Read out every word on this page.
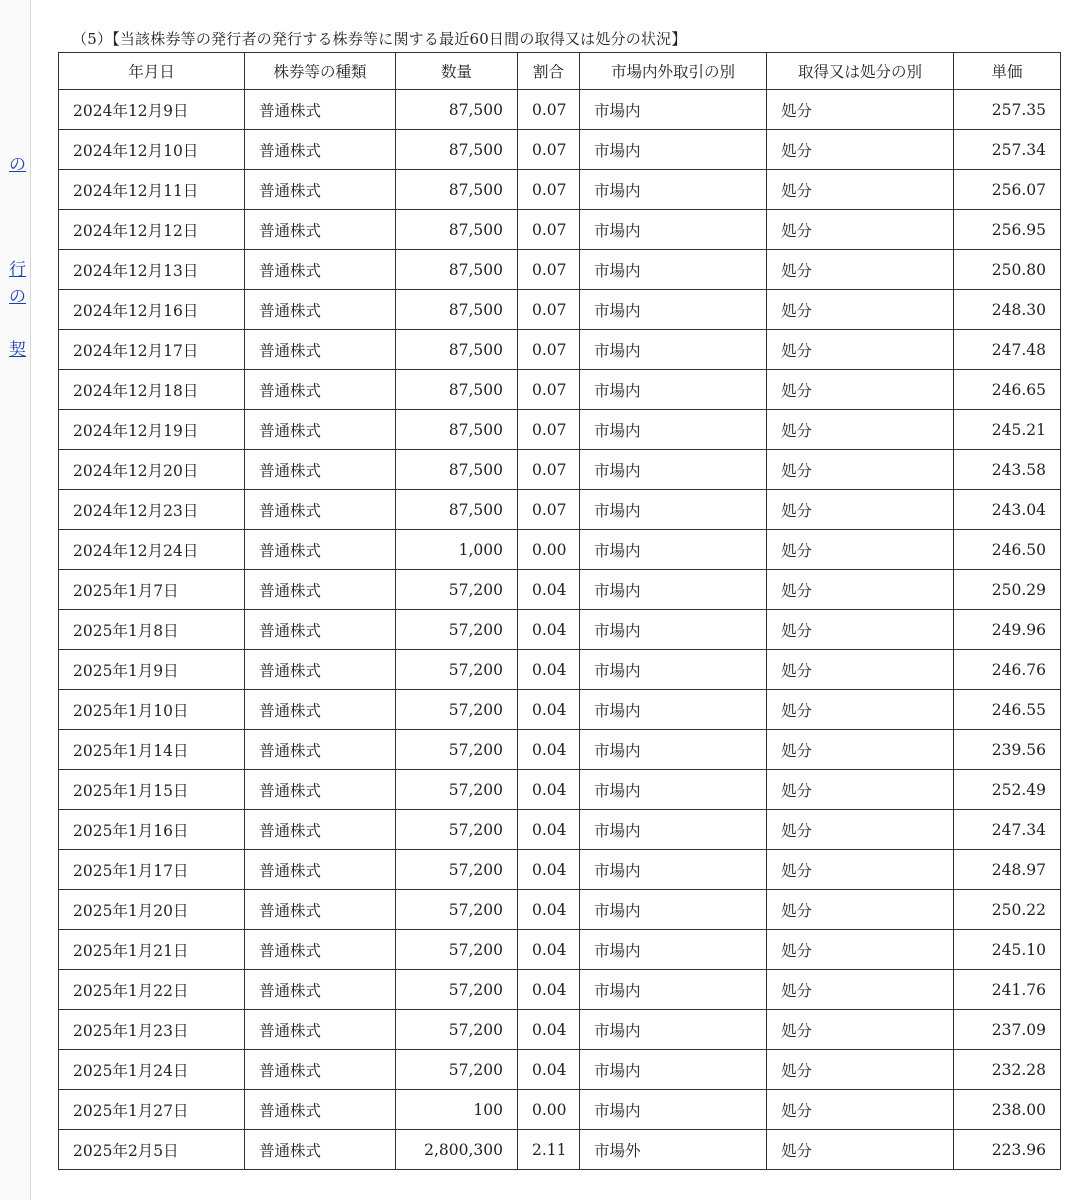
の
行
の
契
（5）【当該株券等の発行者の発行する株券等に関する最近60日間の取得又は処分の状況】
年月日	株券等の種類	数量	割合	市場内外取引の別	取得又は処分の別	単価
2024年12月9日	普通株式	87,500	0.07	市場内	処分	257.35
2024年12月10日	普通株式	87,500	0.07	市場内	処分	257.34
2024年12月11日	普通株式	87,500	0.07	市場内	処分	256.07
2024年12月12日	普通株式	87,500	0.07	市場内	処分	256.95
2024年12月13日	普通株式	87,500	0.07	市場内	処分	250.80
2024年12月16日	普通株式	87,500	0.07	市場内	処分	248.30
2024年12月17日	普通株式	87,500	0.07	市場内	処分	247.48
2024年12月18日	普通株式	87,500	0.07	市場内	処分	246.65
2024年12月19日	普通株式	87,500	0.07	市場内	処分	245.21
2024年12月20日	普通株式	87,500	0.07	市場内	処分	243.58
2024年12月23日	普通株式	87,500	0.07	市場内	処分	243.04
2024年12月24日	普通株式	1,000	0.00	市場内	処分	246.50
2025年1月7日	普通株式	57,200	0.04	市場内	処分	250.29
2025年1月8日	普通株式	57,200	0.04	市場内	処分	249.96
2025年1月9日	普通株式	57,200	0.04	市場内	処分	246.76
2025年1月10日	普通株式	57,200	0.04	市場内	処分	246.55
2025年1月14日	普通株式	57,200	0.04	市場内	処分	239.56
2025年1月15日	普通株式	57,200	0.04	市場内	処分	252.49
2025年1月16日	普通株式	57,200	0.04	市場内	処分	247.34
2025年1月17日	普通株式	57,200	0.04	市場内	処分	248.97
2025年1月20日	普通株式	57,200	0.04	市場内	処分	250.22
2025年1月21日	普通株式	57,200	0.04	市場内	処分	245.10
2025年1月22日	普通株式	57,200	0.04	市場内	処分	241.76
2025年1月23日	普通株式	57,200	0.04	市場内	処分	237.09
2025年1月24日	普通株式	57,200	0.04	市場内	処分	232.28
2025年1月27日	普通株式	100	0.00	市場内	処分	238.00
2025年2月5日	普通株式	2,800,300	2.11	市場外	処分	223.96
